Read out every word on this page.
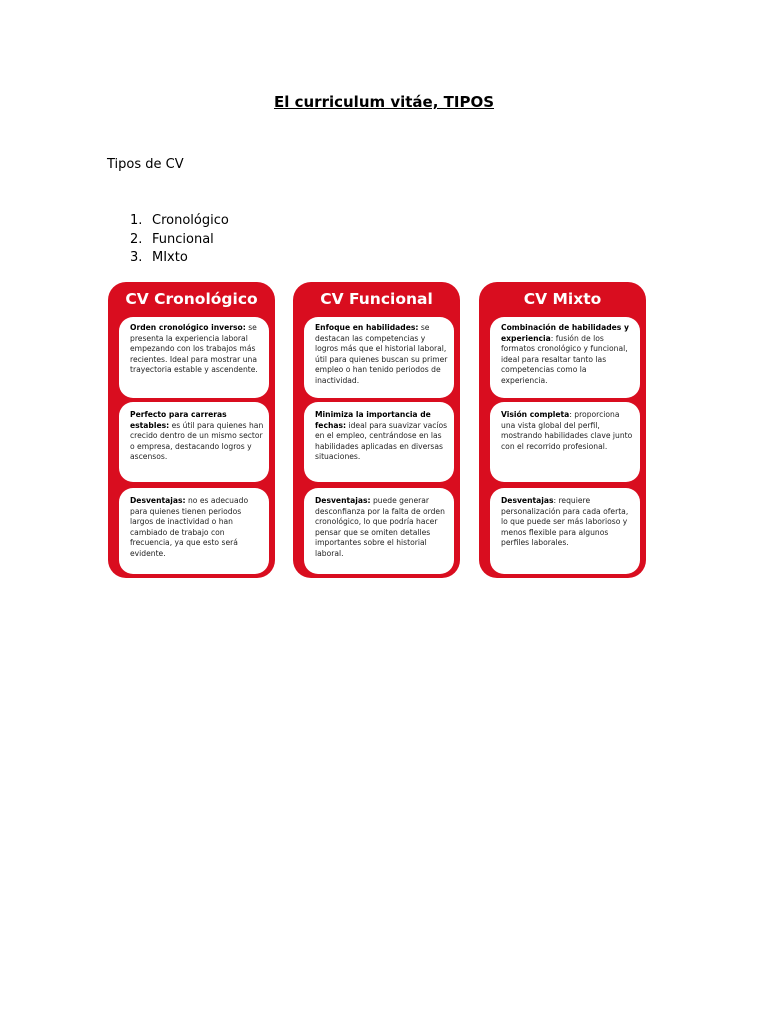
El curriculum vitáe, TIPOS
Tipos de CV
1. Cronológico
2. Funcional
3. MIxto
CV Cronológico
Orden cronológico inverso: se presenta la experiencia laboral empezando con los trabajos más recientes. Ideal para mostrar una trayectoria estable y ascendente.
Perfecto para carreras estables: es útil para quienes han crecido dentro de un mismo sector o empresa, destacando logros y ascensos.
Desventajas: no es adecuado para quienes tienen periodos largos de inactividad o han cambiado de trabajo con frecuencia, ya que esto será evidente.
CV Funcional
Enfoque en habilidades: se destacan las competencias y logros más que el historial laboral, útil para quienes buscan su primer empleo o han tenido periodos de inactividad.
Minimiza la importancia de fechas: ideal para suavizar vacíos en el empleo, centrándose en las habilidades aplicadas en diversas situaciones.
Desventajas: puede generar desconfianza por la falta de orden cronológico, lo que podría hacer pensar que se omiten detalles importantes sobre el historial laboral.
CV Mixto
Combinación de habilidades y experiencia: fusión de los formatos cronológico y funcional, ideal para resaltar tanto las competencias como la experiencia.
Visión completa: proporciona una vista global del perfil, mostrando habilidades clave junto con el recorrido profesional.
Desventajas: requiere personalización para cada oferta, lo que puede ser más laborioso y menos flexible para algunos perfiles laborales.
